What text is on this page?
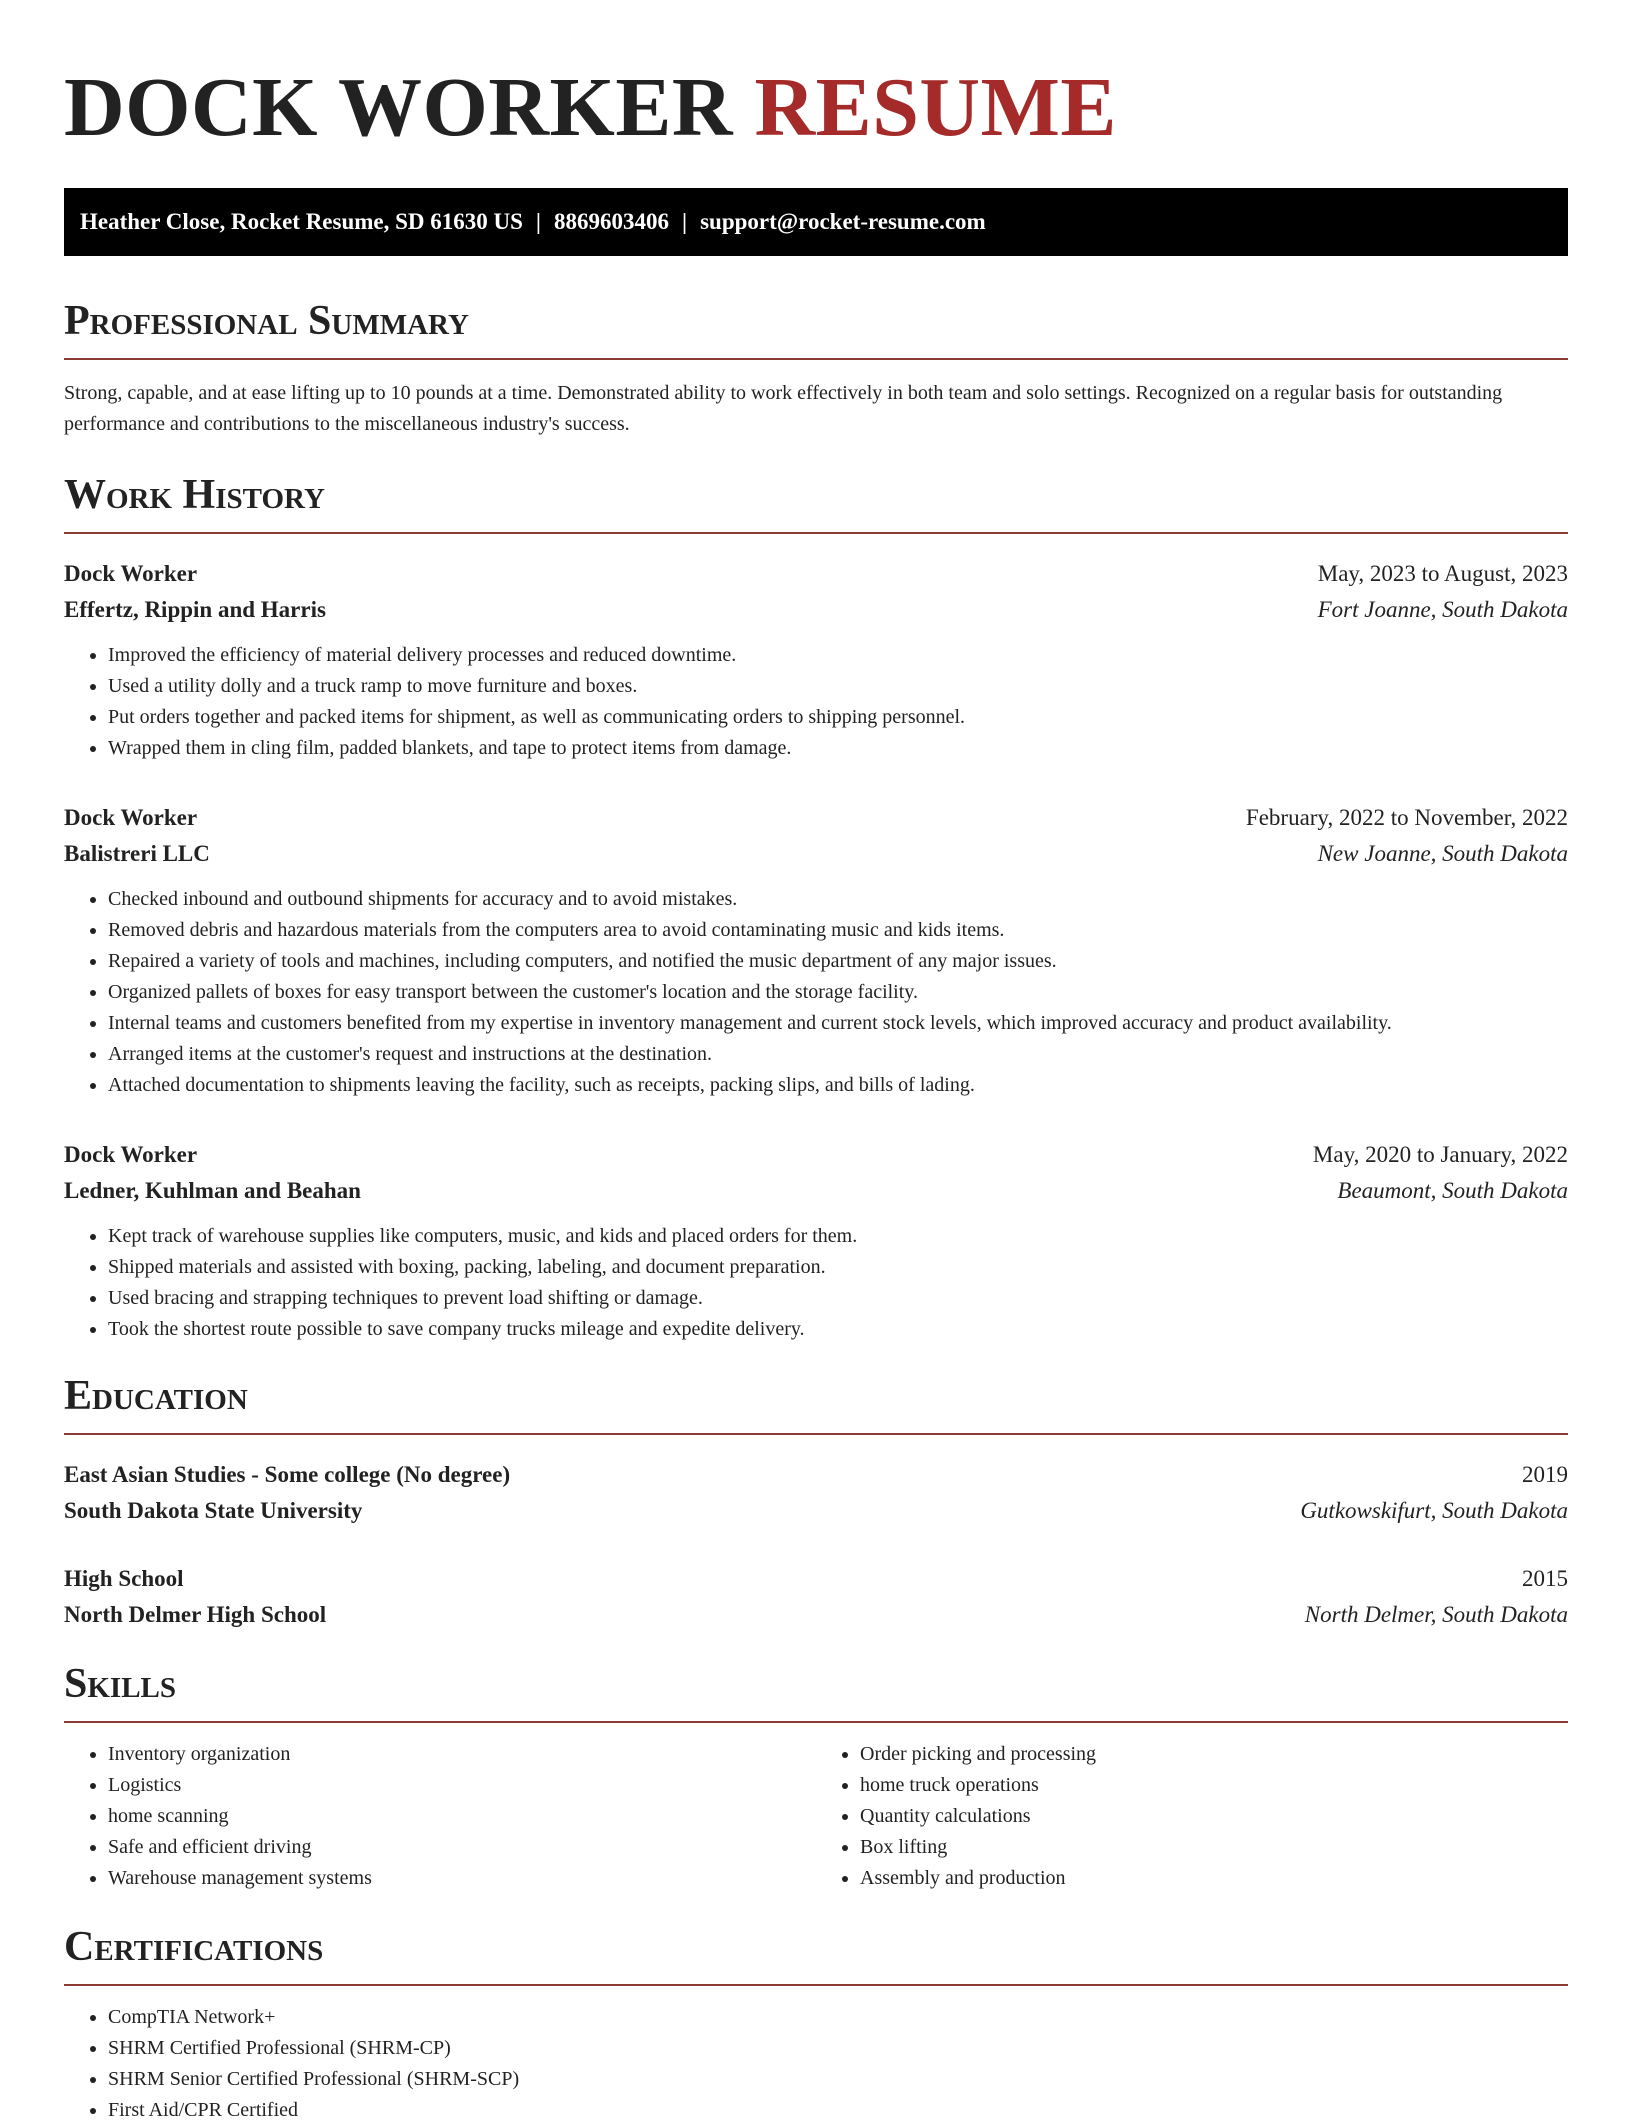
DOCK WORKER RESUME
Heather Close, Rocket Resume, SD 61630 US | 8869603406 | support@rocket-resume.com
Professional Summary

Strong, capable, and at ease lifting up to 10 pounds at a time. Demonstrated ability to work effectively in both team and solo settings. Recognized on a regular basis for outstanding performance and contributions to the miscellaneous industry's success.

Work History
Dock Worker	May, 2023 to August, 2023
Effertz, Rippin and Harris	Fort Joanne, South Dakota
• Improved the efficiency of material delivery processes and reduced downtime.
• Used a utility dolly and a truck ramp to move furniture and boxes.
• Put orders together and packed items for shipment, as well as communicating orders to shipping personnel.
• Wrapped them in cling film, padded blankets, and tape to protect items from damage.
Dock Worker	February, 2022 to November, 2022
Balistreri LLC	New Joanne, South Dakota
• Checked inbound and outbound shipments for accuracy and to avoid mistakes.
• Removed debris and hazardous materials from the computers area to avoid contaminating music and kids items.
• Repaired a variety of tools and machines, including computers, and notified the music department of any major issues.
• Organized pallets of boxes for easy transport between the customer's location and the storage facility.
• Internal teams and customers benefited from my expertise in inventory management and current stock levels, which improved accuracy and product availability.
• Arranged items at the customer's request and instructions at the destination.
• Attached documentation to shipments leaving the facility, such as receipts, packing slips, and bills of lading.
Dock Worker	May, 2020 to January, 2022
Ledner, Kuhlman and Beahan	Beaumont, South Dakota
• Kept track of warehouse supplies like computers, music, and kids and placed orders for them.
• Shipped materials and assisted with boxing, packing, labeling, and document preparation.
• Used bracing and strapping techniques to prevent load shifting or damage.
• Took the shortest route possible to save company trucks mileage and expedite delivery.
Education
East Asian Studies - Some college (No degree)	2019
South Dakota State University	Gutkowskifurt, South Dakota
High School	2015
North Delmer High School	North Delmer, South Dakota
Skills
• Inventory organization
• Logistics
• home scanning
• Safe and efficient driving
• Warehouse management systems
• Order picking and processing
• home truck operations
• Quantity calculations
• Box lifting
• Assembly and production
Certifications
• CompTIA Network+
• SHRM Certified Professional (SHRM-CP)
• SHRM Senior Certified Professional (SHRM-SCP)
• First Aid/CPR Certified
